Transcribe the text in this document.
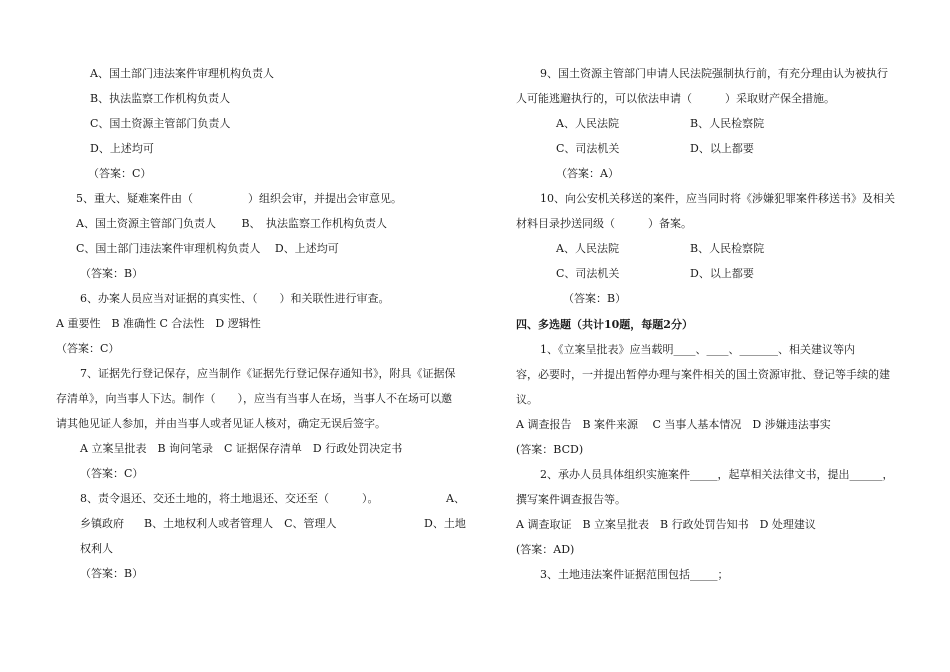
A、国土部门违法案件审理机构负责人
B、执法监察工作机构负责人
C、国土资源主管部门负责人
D、上述均可
（答案：C）
5、重大、疑难案件由（　　　　　）组织会审，并提出会审意见。
A、国土资源主管部门负责人　　 B、　执法监察工作机构负责人
C、国土部门违法案件审理机构负责人　 D、上述均可
（答案：B）
6、办案人员应当对证据的真实性、（　　）和关联性进行审查。
A 重要性　B 准确性 C 合法性　D 逻辑性
（答案：C）
7、证据先行登记保存，应当制作《证据先行登记保存通知书》，附具《证据保
存清单》，向当事人下达。制作（　　），应当有当事人在场，当事人不在场可以邀
请其他见证人参加，并由当事人或者见证人核对，确定无误后签字。
A 立案呈批表　B 询问笔录　C 证据保存清单　D 行政处罚决定书
（答案：C）
8、责令退还、交还土地的，将土地退还、交还至（　　　）。	A、
乡镇政府 B、土地权利人或者管理人　C、管理人	D、土地
权利人
（答案：B）
9、国土资源主管部门申请人民法院强制执行前，有充分理由认为被执行
人可能逃避执行的，可以依法申请（　　　）采取财产保全措施。
A、人民法院	B、人民检察院
C、司法机关	D、以上都要
（答案：A）
10、向公安机关移送的案件，应当同时将《涉嫌犯罪案件移送书》及相关
材料目录抄送同级（　　　）备案。
A、人民法院	B、人民检察院
C、司法机关	D、以上都要
（答案：B）
四、多选题（共计10题，每题2分）
1、《立案呈批表》应当载明____、____、_______、相关建议等内
容，必要时，一并提出暂停办理与案件相关的国土资源审批、登记等手续的建
议。
A 调查报告　B 案件来源　 C 当事人基本情况　D 涉嫌违法事实
(答案：BCD)
2、承办人员具体组织实施案件_____，起草相关法律文书，提出______，
撰写案件调查报告等。
A 调查取证　B 立案呈批表　B 行政处罚告知书　D 处理建议
(答案：AD)
3、土地违法案件证据范围包括_____；
